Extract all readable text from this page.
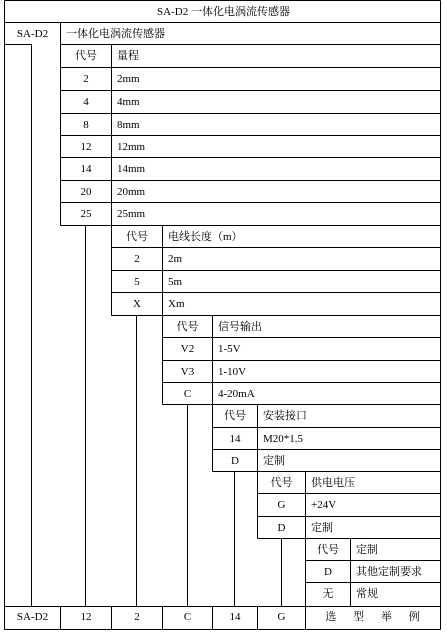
SA-D2 一体化电涡流传感器
SA-D2	一体化电涡流传感器
代号	量程
2	2mm
4	4mm
8	8mm
12	12mm
14	14mm
20	20mm
25	25mm
代号	电线长度（m）
2	2m
5	5m
X	Xm
代号	信号输出
V2	1-5V
V3	1-10V
C	4-20mA
代号	安装接口
14	M20*1.5
D	定制
代号	供电电压
G	+24V
D	定制
代号	定制
D	其他定制要求
无	常规
SA-D2	12	2	C	14	G	选 型 举 例
